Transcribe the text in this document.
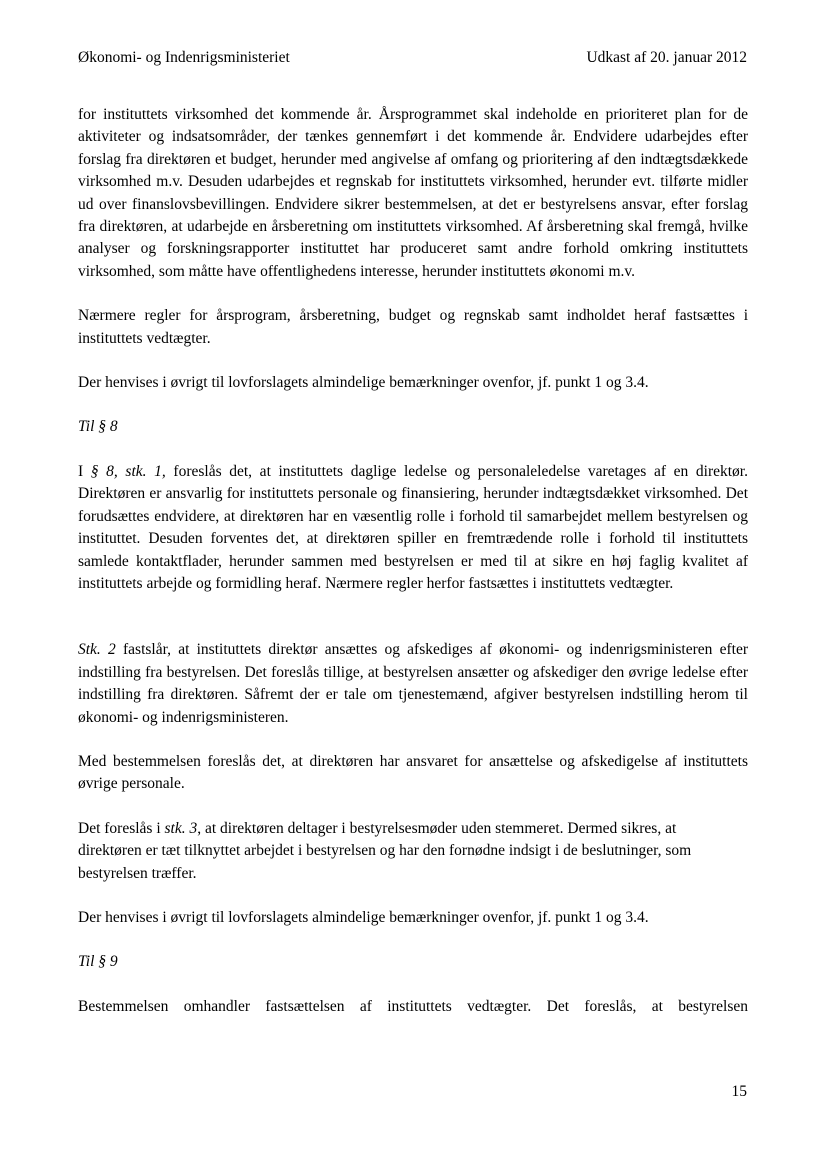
Økonomi- og Indenrigsministeriet	Udkast af 20. januar 2012

for instituttets virksomhed det kommende år. Årsprogrammet skal indeholde en prioriteret plan for de aktiviteter og indsatsområder, der tænkes gennemført i det kommende år. Endvidere udarbejdes efter forslag fra direktøren et budget, herunder med angivelse af omfang og prioritering af den indtægtsdækkede virksomhed m.v. Desuden udarbejdes et regnskab for instituttets virksomhed, herunder evt. tilførte midler ud over finanslovsbevillingen. Endvidere sikrer bestemmelsen, at det er bestyrelsens ansvar, efter forslag fra direktøren, at udarbejde en årsberetning om instituttets virksomhed. Af årsberetning skal fremgå, hvilke analyser og forskningsrapporter instituttet har produceret samt andre forhold omkring instituttets virksomhed, som måtte have offentlighedens interesse, herunder instituttets økonomi m.v.

Nærmere regler for årsprogram, årsberetning, budget og regnskab samt indholdet heraf fastsættes i instituttets vedtægter.

Der henvises i øvrigt til lovforslagets almindelige bemærkninger ovenfor, jf. punkt 1 og 3.4.

Til § 8

I § 8, stk. 1, foreslås det, at instituttets daglige ledelse og personaleledelse varetages af en direktør. Direktøren er ansvarlig for instituttets personale og finansiering, herunder indtægtsdækket virksomhed. Det forudsættes endvidere, at direktøren har en væsentlig rolle i forhold til samarbejdet mellem bestyrelsen og instituttet. Desuden forventes det, at direktøren spiller en fremtrædende rolle i forhold til instituttets samlede kontaktflader, herunder sammen med bestyrelsen er med til at sikre en høj faglig kvalitet af instituttets arbejde og formidling heraf. Nærmere regler herfor fastsættes i instituttets vedtægter.

Stk. 2 fastslår, at instituttets direktør ansættes og afskediges af økonomi- og indenrigsministeren efter indstilling fra bestyrelsen. Det foreslås tillige, at bestyrelsen ansætter og afskediger den øvrige ledelse efter indstilling fra direktøren. Såfremt der er tale om tjenestemænd, afgiver bestyrelsen indstilling herom til økonomi- og indenrigsministeren.

Med bestemmelsen foreslås det, at direktøren har ansvaret for ansættelse og afskedigelse af instituttets øvrige personale.

Det foreslås i stk. 3, at direktøren deltager i bestyrelsesmøder uden stemmeret. Dermed sikres, at
direktøren er tæt tilknyttet arbejdet i bestyrelsen og har den fornødne indsigt i de beslutninger, som
bestyrelsen træffer.

Der henvises i øvrigt til lovforslagets almindelige bemærkninger ovenfor, jf. punkt 1 og 3.4.

Til § 9

Bestemmelsen omhandler fastsættelsen af instituttets vedtægter. Det foreslås, at bestyrelsen

15
